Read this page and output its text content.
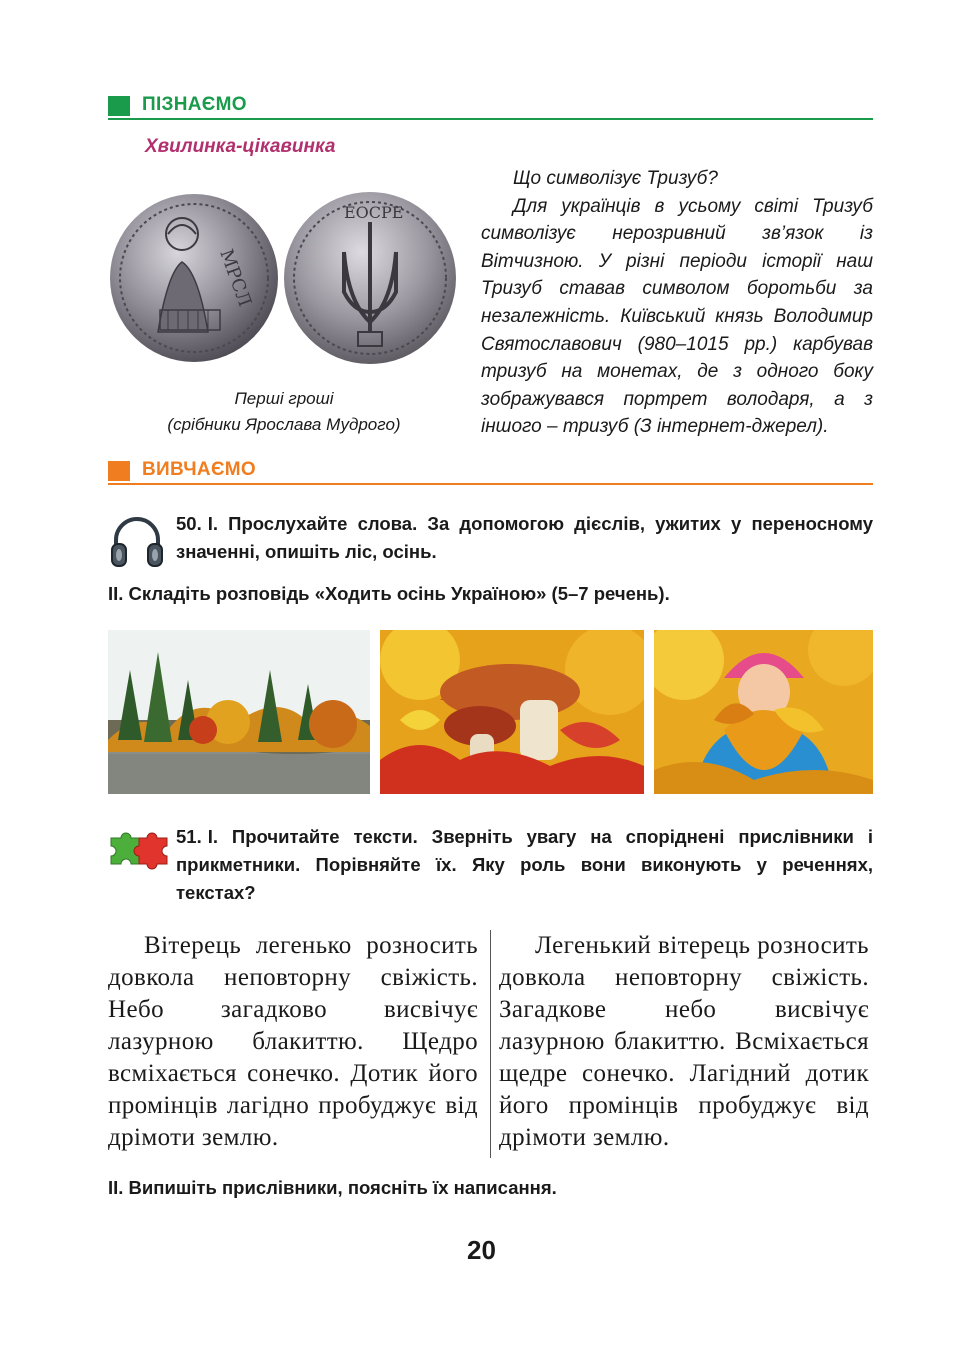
ПІЗНАЄМО
Хвилинка-цікавинка
МРСЛ
ЕОСРЕ
Перші гроші
(срібники Ярослава Мудрого)

Що символізує Тризуб?

Для українців в усьому світі Тризуб символізує нерозривний зв’язок із Вітчизною. У різні періоди історії наш Тризуб ставав символом боротьби за незалежність. Київський князь Володимир Святославович (980–1015 рр.) карбував тризуб на монетах, де з одного боку зображувався портрет володаря, а з іншого – тризуб (З інтернет-джерел).

ВИВЧАЄМО
50. І. Прослухайте слова. За допомогою дієслів, ужитих у переносному значенні, опишіть ліс, осінь.
ІІ. Складіть розповідь «Ходить осінь Україною» (5–7 речень).
51. І. Прочитайте тексти. Зверніть увагу на споріднені прислівники і прикметники. Порівняйте їх. Яку роль вони виконують у реченнях, текстах?

Вітерець легенько розносить довкола неповторну свіжість. Небо загадково висвічує лазурною блакиттю. Щедро всміхається сонечко. Дотик його промінців лагідно пробуджує від дрімоти землю.

Легенький вітерець розносить довкола неповторну свіжість. Загадкове небо висвічує лазурною блакиттю. Всміхається щедре сонечко. Лагідний дотик його промінців пробуджує від дрімоти землю.

ІІ. Випишіть прислівники, поясніть їх написання.
20
